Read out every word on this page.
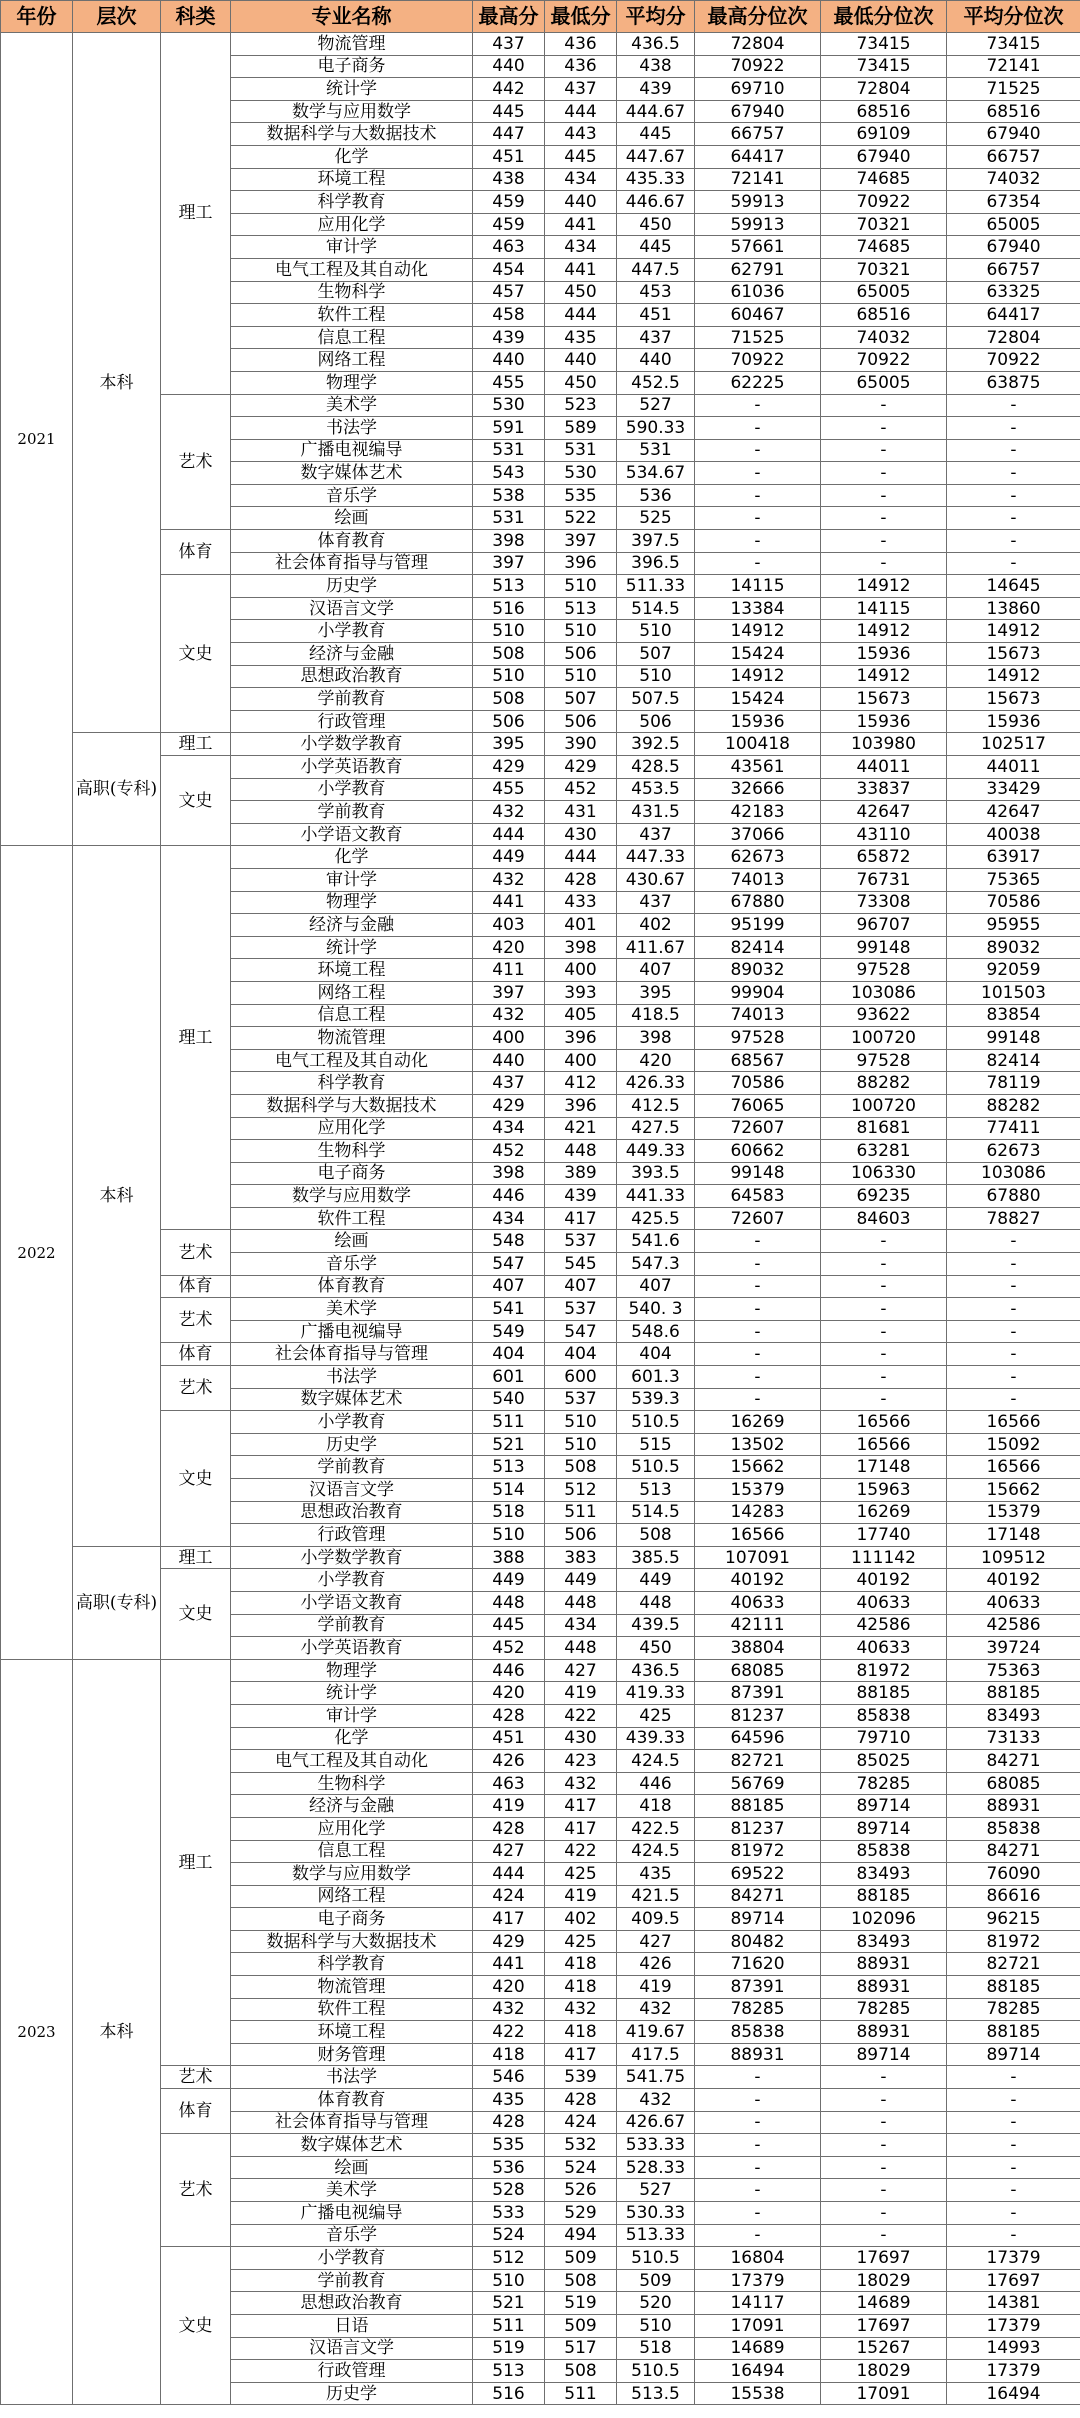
年份	层次	科类	专业名称	最高分	最低分	平均分	最高分位次	最低分位次	平均分位次
2021	本科	理工	物流管理	437	436	436.5	72804	73415	73415
			电子商务	440	436	438	70922	73415	72141
			统计学	442	437	439	69710	72804	71525
			数学与应用数学	445	444	444.67	67940	68516	68516
			数据科学与大数据技术	447	443	445	66757	69109	67940
			化学	451	445	447.67	64417	67940	66757
			环境工程	438	434	435.33	72141	74685	74032
			科学教育	459	440	446.67	59913	70922	67354
			应用化学	459	441	450	59913	70321	65005
			审计学	463	434	445	57661	74685	67940
			电气工程及其自动化	454	441	447.5	62791	70321	66757
			生物科学	457	450	453	61036	65005	63325
			软件工程	458	444	451	60467	68516	64417
			信息工程	439	435	437	71525	74032	72804
			网络工程	440	440	440	70922	70922	70922
			物理学	455	450	452.5	62225	65005	63875
		艺术	美术学	530	523	527	-	-	-
			书法学	591	589	590.33	-	-	-
			广播电视编导	531	531	531	-	-	-
			数字媒体艺术	543	530	534.67	-	-	-
			音乐学	538	535	536	-	-	-
			绘画	531	522	525	-	-	-
		体育	体育教育	398	397	397.5	-	-	-
			社会体育指导与管理	397	396	396.5	-	-	-
		文史	历史学	513	510	511.33	14115	14912	14645
			汉语言文学	516	513	514.5	13384	14115	13860
			小学教育	510	510	510	14912	14912	14912
			经济与金融	508	506	507	15424	15936	15673
			思想政治教育	510	510	510	14912	14912	14912
			学前教育	508	507	507.5	15424	15673	15673
			行政管理	506	506	506	15936	15936	15936
	高职(专科)	理工	小学数学教育	395	390	392.5	100418	103980	102517
		文史	小学英语教育	429	429	428.5	43561	44011	44011
			小学教育	455	452	453.5	32666	33837	33429
			学前教育	432	431	431.5	42183	42647	42647
			小学语文教育	444	430	437	37066	43110	40038
2022	本科	理工	化学	449	444	447.33	62673	65872	63917
			审计学	432	428	430.67	74013	76731	75365
			物理学	441	433	437	67880	73308	70586
			经济与金融	403	401	402	95199	96707	95955
			统计学	420	398	411.67	82414	99148	89032
			环境工程	411	400	407	89032	97528	92059
			网络工程	397	393	395	99904	103086	101503
			信息工程	432	405	418.5	74013	93622	83854
			物流管理	400	396	398	97528	100720	99148
			电气工程及其自动化	440	400	420	68567	97528	82414
			科学教育	437	412	426.33	70586	88282	78119
			数据科学与大数据技术	429	396	412.5	76065	100720	88282
			应用化学	434	421	427.5	72607	81681	77411
			生物科学	452	448	449.33	60662	63281	62673
			电子商务	398	389	393.5	99148	106330	103086
			数学与应用数学	446	439	441.33	64583	69235	67880
			软件工程	434	417	425.5	72607	84603	78827
		艺术	绘画	548	537	541.6	-	-	-
			音乐学	547	545	547.3	-	-	-
		体育	体育教育	407	407	407	-	-	-
		艺术	美术学	541	537	540. 3	-	-	-
			广播电视编导	549	547	548.6	-	-	-
		体育	社会体育指导与管理	404	404	404	-	-	-
		艺术	书法学	601	600	601.3	-	-	-
			数字媒体艺术	540	537	539.3	-	-	-
		文史	小学教育	511	510	510.5	16269	16566	16566
			历史学	521	510	515	13502	16566	15092
			学前教育	513	508	510.5	15662	17148	16566
			汉语言文学	514	512	513	15379	15963	15662
			思想政治教育	518	511	514.5	14283	16269	15379
			行政管理	510	506	508	16566	17740	17148
	高职(专科)	理工	小学数学教育	388	383	385.5	107091	111142	109512
		文史	小学教育	449	449	449	40192	40192	40192
			小学语文教育	448	448	448	40633	40633	40633
			学前教育	445	434	439.5	42111	42586	42586
			小学英语教育	452	448	450	38804	40633	39724
2023	本科	理工	物理学	446	427	436.5	68085	81972	75363
			统计学	420	419	419.33	87391	88185	88185
			审计学	428	422	425	81237	85838	83493
			化学	451	430	439.33	64596	79710	73133
			电气工程及其自动化	426	423	424.5	82721	85025	84271
			生物科学	463	432	446	56769	78285	68085
			经济与金融	419	417	418	88185	89714	88931
			应用化学	428	417	422.5	81237	89714	85838
			信息工程	427	422	424.5	81972	85838	84271
			数学与应用数学	444	425	435	69522	83493	76090
			网络工程	424	419	421.5	84271	88185	86616
			电子商务	417	402	409.5	89714	102096	96215
			数据科学与大数据技术	429	425	427	80482	83493	81972
			科学教育	441	418	426	71620	88931	82721
			物流管理	420	418	419	87391	88931	88185
			软件工程	432	432	432	78285	78285	78285
			环境工程	422	418	419.67	85838	88931	88185
			财务管理	418	417	417.5	88931	89714	89714
		艺术	书法学	546	539	541.75	-	-	-
		体育	体育教育	435	428	432	-	-	-
			社会体育指导与管理	428	424	426.67	-	-	-
		艺术	数字媒体艺术	535	532	533.33	-	-	-
			绘画	536	524	528.33	-	-	-
			美术学	528	526	527	-	-	-
			广播电视编导	533	529	530.33	-	-	-
			音乐学	524	494	513.33	-	-	-
		文史	小学教育	512	509	510.5	16804	17697	17379
			学前教育	510	508	509	17379	18029	17697
			思想政治教育	521	519	520	14117	14689	14381
			日语	511	509	510	17091	17697	17379
			汉语言文学	519	517	518	14689	15267	14993
			行政管理	513	508	510.5	16494	18029	17379
			历史学	516	511	513.5	15538	17091	16494
